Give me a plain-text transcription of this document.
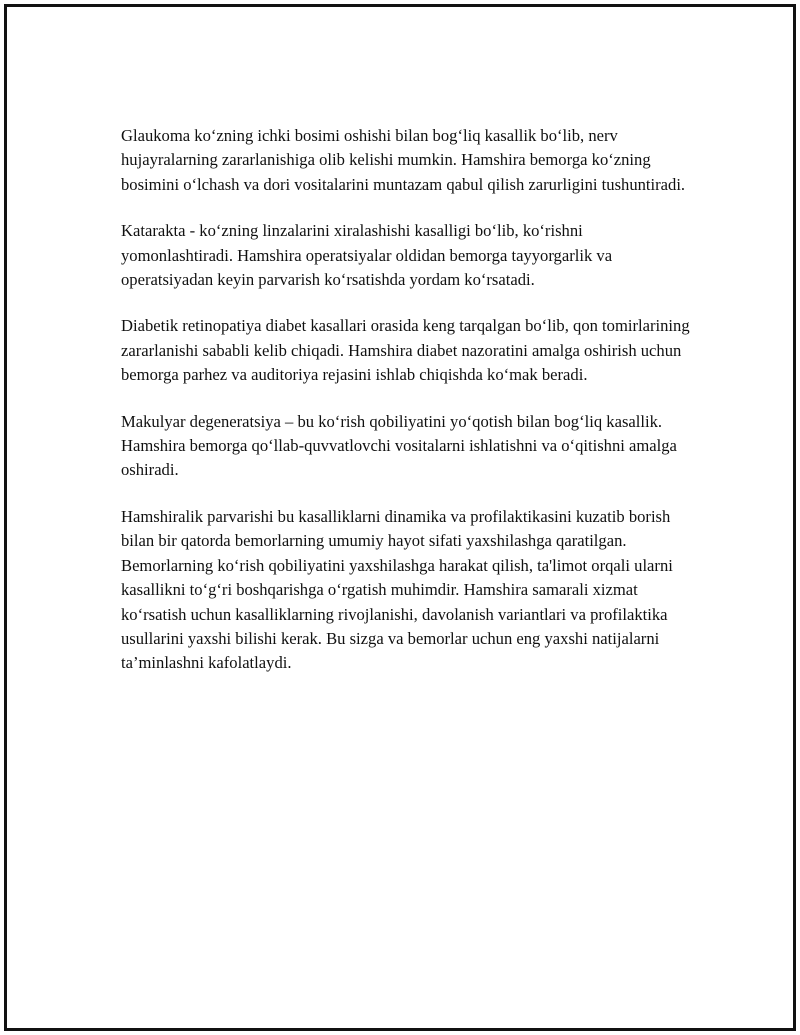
Glaukoma ko‘zning ichki bosimi oshishi bilan bog‘liq kasallik bo‘lib, nerv hujayralarning zararlanishiga olib kelishi mumkin. Hamshira bemorga ko‘zning bosimini o‘lchash va dori vositalarini muntazam qabul qilish zarurligini tushuntiradi.

Katarakta - ko‘zning linzalarini xiralashishi kasalligi bo‘lib, ko‘rishni yomonlashtiradi. Hamshira operatsiyalar oldidan bemorga tayyorgarlik va operatsiyadan keyin parvarish ko‘rsatishda yordam ko‘rsatadi.

Diabetik retinopatiya diabet kasallari orasida keng tarqalgan bo‘lib, qon tomirlarining zararlanishi sababli kelib chiqadi. Hamshira diabet nazoratini amalga oshirish uchun bemorga parhez va auditoriya rejasini ishlab chiqishda ko‘mak beradi.

Makulyar degeneratsiya – bu ko‘rish qobiliyatini yo‘qotish bilan bog‘liq kasallik. Hamshira bemorga qo‘llab-quvvatlovchi vositalarni ishlatishni va o‘qitishni amalga oshiradi.

Hamshiralik parvarishi bu kasalliklarni dinamika va profilaktikasini kuzatib borish bilan bir qatorda bemorlarning umumiy hayot sifati yaxshilashga qaratilgan. Bemorlarning ko‘rish qobiliyatini yaxshilashga harakat qilish, ta'limot orqali ularni kasallikni to‘g‘ri boshqarishga o‘rgatish muhimdir. Hamshira samarali xizmat ko‘rsatish uchun kasalliklarning rivojlanishi, davolanish variantlari va profilaktika usullarini yaxshi bilishi kerak. Bu sizga va bemorlar uchun eng yaxshi natijalarni ta’minlashni kafolatlaydi.
